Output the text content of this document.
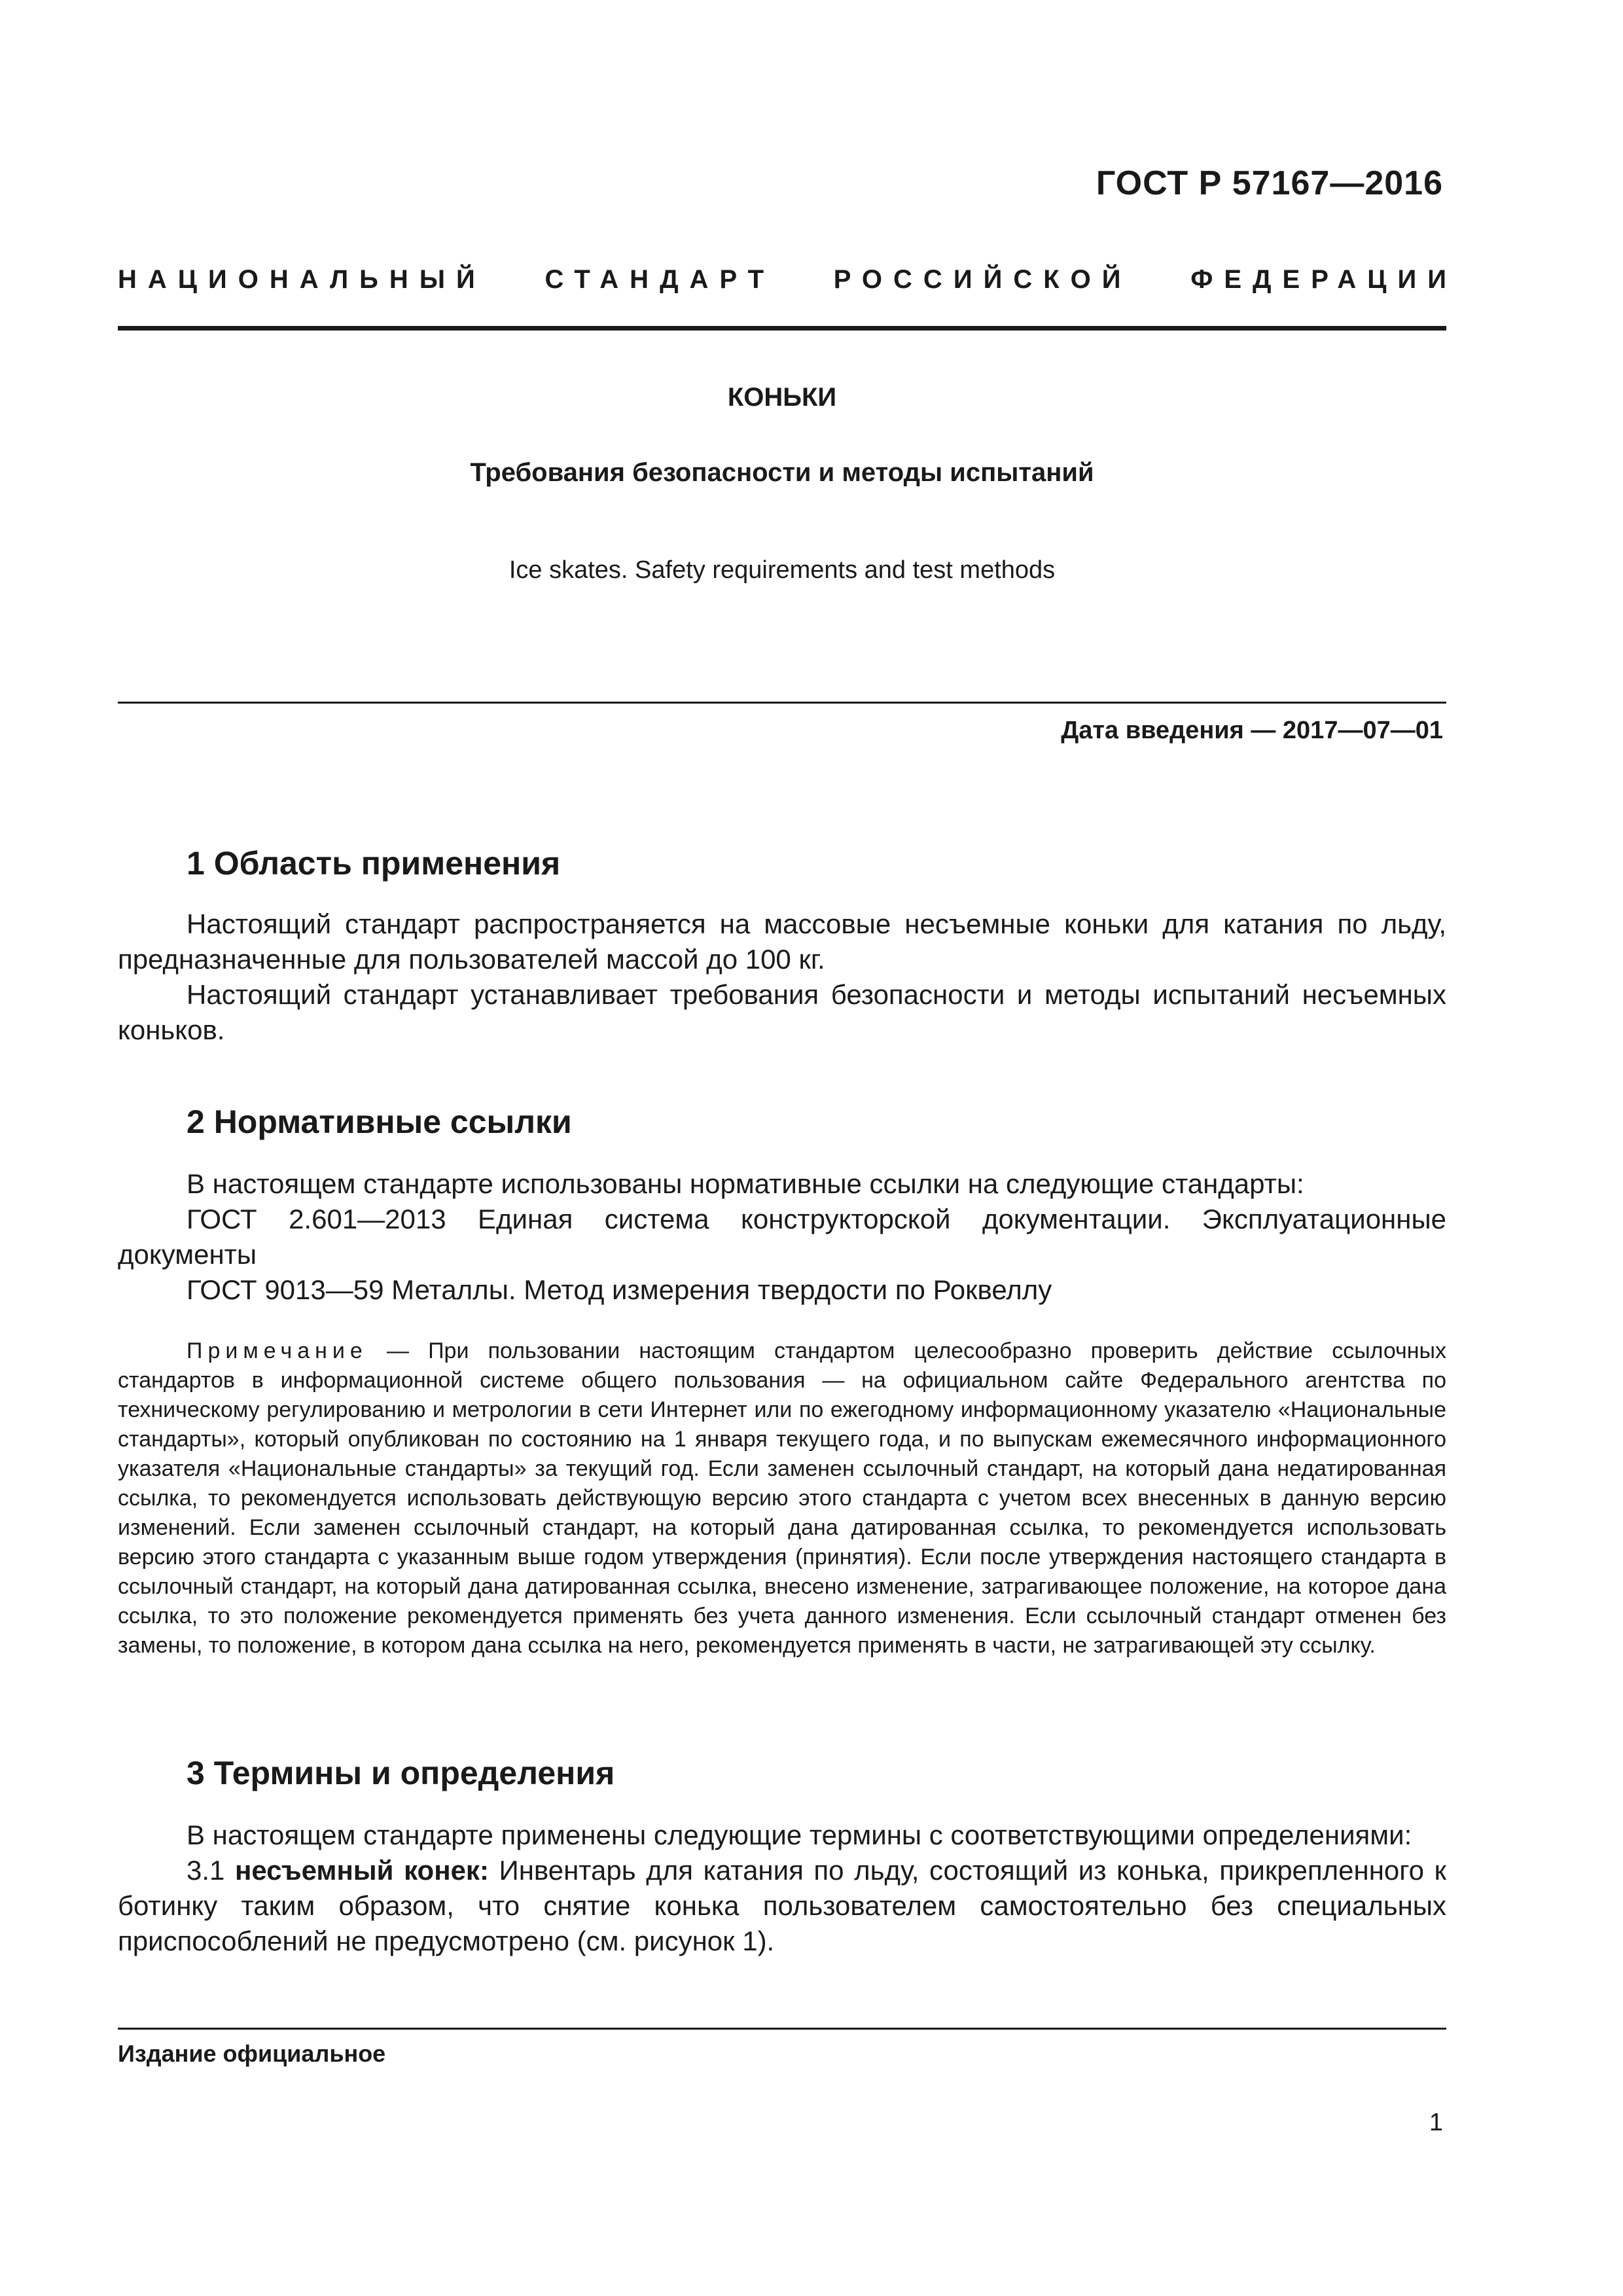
ГОСТ Р 57167—2016
НАЦИОНАЛЬНЫЙ СТАНДАРТ РОССИЙСКОЙ ФЕДЕРАЦИИ
КОНЬКИ
Требования безопасности и методы испытаний
Ice skates. Safety requirements and test methods
Дата введения — 2017—07—01
1 Область применения

Настоящий стандарт распространяется на массовые несъемные коньки для катания по льду, предназначенные для пользователей массой до 100 кг.

Настоящий стандарт устанавливает требования безопасности и методы испытаний несъемных коньков.

2 Нормативные ссылки

В настоящем стандарте использованы нормативные ссылки на следующие стандарты:

ГОСТ 2.601—2013 Единая система конструкторской документации. Эксплуатационные документы

ГОСТ 9013—59 Металлы. Метод измерения твердости по Роквеллу

Примечание — При пользовании настоящим стандартом целесообразно проверить действие ссылочных стандартов в информационной системе общего пользования — на официальном сайте Федерального агентства по техническому регулированию и метрологии в сети Интернет или по ежегодному информационному указателю «Национальные стандарты», который опубликован по состоянию на 1 января текущего года, и по выпускам ежемесячного информационного указателя «Национальные стандарты» за текущий год. Если заменен ссылочный стандарт, на который дана недатированная ссылка, то рекомендуется использовать действующую версию этого стандарта с учетом всех внесенных в данную версию изменений. Если заменен ссылочный стандарт, на который дана датированная ссылка, то рекомендуется использовать версию этого стандарта с указанным выше годом утверждения (принятия). Если после утверждения настоящего стандарта в ссылочный стандарт, на который дана датированная ссылка, внесено изменение, затрагивающее положение, на которое дана ссылка, то это положение рекомендуется применять без учета данного изменения. Если ссылочный стандарт отменен без замены, то положение, в котором дана ссылка на него, рекомендуется применять в части, не затрагивающей эту ссылку.

3 Термины и определения

В настоящем стандарте применены следующие термины с соответствующими определениями:

3.1 несъемный конек: Инвентарь для катания по льду, состоящий из конька, прикрепленного к ботинку таким образом, что снятие конька пользователем самостоятельно без специальных приспособлений не предусмотрено (см. рисунок 1).

Издание официальное
1
